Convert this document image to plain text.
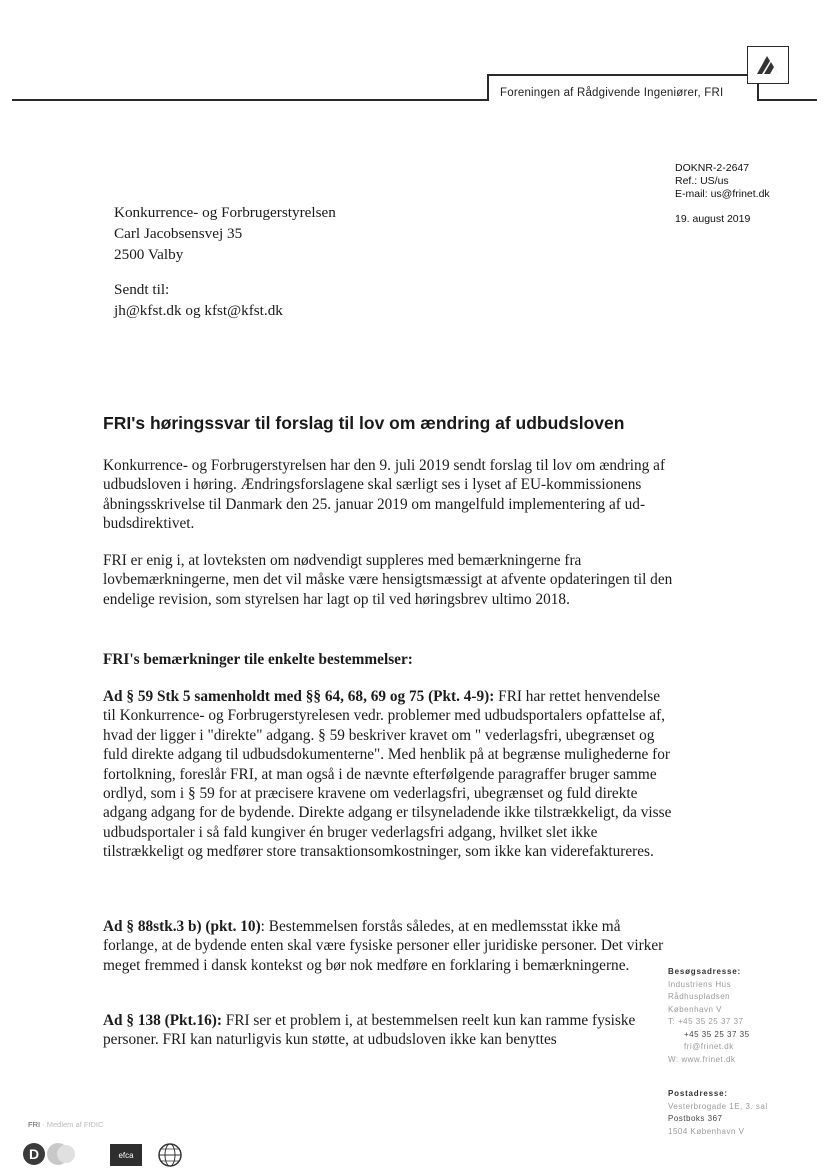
Foreningen af Rådgivende Ingeniører, FRI
DOKNR-2-2647
Ref.: US/us
E-mail: us@frinet.dk
19. august 2019
Konkurrence- og Forbrugerstyrelsen
Carl Jacobsensvej 35
2500 Valby
Sendt til:
jh@kfst.dk og kfst@kfst.dk
FRI's høringssvar til forslag til lov om ændring af udbudsloven

Konkurrence- og Forbrugerstyrelsen har den 9. juli 2019 sendt forslag til lov om ændring af udbudsloven i høring. Ændringsforslagene skal særligt ses i lyset af EU-kommissionens åbningsskrivelse til Danmark den 25. januar 2019 om mangelfuld implementering af ud-budsdirektivet.

FRI er enig i, at lovteksten om nødvendigt suppleres med bemærkningerne fra lovbemærkningerne, men det vil måske være hensigtsmæssigt at afvente opdateringen til den endelige revision, som styrelsen har lagt op til ved høringsbrev ultimo 2018.

FRI's bemærkninger tile enkelte bestemmelser:

Ad § 59 Stk 5 samenholdt med §§ 64, 68, 69 og 75 (Pkt. 4-9): FRI har rettet henvendelse til Konkurrence- og Forbrugerstyrelesen vedr. problemer med udbudsportalers opfattelse af, hvad der ligger i "direkte" adgang. § 59 beskriver kravet om " vederlagsfri, ubegrænset og fuld direkte adgang til udbudsdokumenterne". Med henblik på at begrænse mulighederne for fortolkning, foreslår FRI, at man også i de nævnte efterfølgende paragraffer bruger samme ordlyd, som i § 59 for at præcisere kravene om vederlagsfri, ubegrænset og fuld direkte adgang adgang for de bydende. Direkte adgang er tilsyneladende ikke tilstrækkeligt, da visse udbudsportaler i så fald kungiver én bruger vederlagsfri adgang, hvilket slet ikke tilstrækkeligt og medfører store transaktionsomkostninger, som ikke kan viderefaktureres.

Ad § 88stk.3 b) (pkt. 10): Bestemmelsen forstås således, at en medlemsstat ikke må forlange, at de bydende enten skal være fysiske personer eller juridiske personer. Det virker meget fremmed i dansk kontekst og bør nok medføre en forklaring i bemærkningerne.

Ad § 138 (Pkt.16): FRI ser et problem i, at bestemmelsen reelt kun kan ramme fysiske personer. FRI kan naturligvis kun støtte, at udbudsloven ikke kan benyttes

Besøgsadresse:
Industriens Hus
Rådhuspladsen
København V
T: +45 35 25 37 37
+45 35 25 37 35
fri@frinet.dk
W: www.frinet.dk
Postadresse:
Vesterbrogade 1E, 3. sal
Postboks 367
1504 København V
FRI · Medlem af FIDIC
D	efca
